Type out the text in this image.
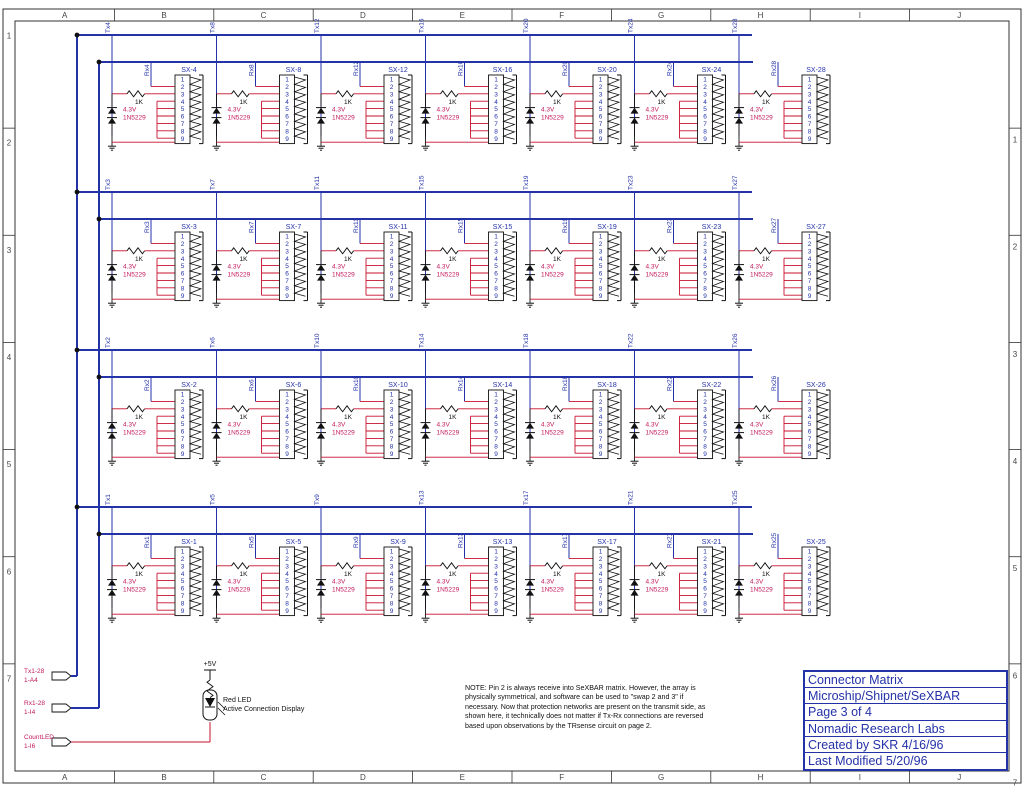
A
A
B
B
C
C
D
D
E
E
F
F
G
G
H
H
I
I
J
J
1
1
2
2
3
3
4
4
5
5
6
6
7
7
Tx4
Rx4
1K
4.3V
1N5229
1
2
3
4
5
6
7
8
9
SX-4
Tx8
Rx8
1K
4.3V
1N5229
1
2
3
4
5
6
7
8
9
SX-8
Tx12
Rx12
1K
4.3V
1N5229
1
2
3
4
5
6
7
8
9
SX-12
Tx16
Rx16
1K
4.3V
1N5229
1
2
3
4
5
6
7
8
9
SX-16
Tx20
Rx20
1K
4.3V
1N5229
1
2
3
4
5
6
7
8
9
SX-20
Tx24
Rx24
1K
4.3V
1N5229
1
2
3
4
5
6
7
8
9
SX-24
Tx28
Rx28
1K
4.3V
1N5229
1
2
3
4
5
6
7
8
9
SX-28
Tx3
Rx3
1K
4.3V
1N5229
1
2
3
4
5
6
7
8
9
SX-3
Tx7
Rx7
1K
4.3V
1N5229
1
2
3
4
5
6
7
8
9
SX-7
Tx11
Rx11
1K
4.3V
1N5229
1
2
3
4
5
6
7
8
9
SX-11
Tx15
Rx15
1K
4.3V
1N5229
1
2
3
4
5
6
7
8
9
SX-15
Tx19
Rx19
1K
4.3V
1N5229
1
2
3
4
5
6
7
8
9
SX-19
Tx23
Rx23
1K
4.3V
1N5229
1
2
3
4
5
6
7
8
9
SX-23
Tx27
Rx27
1K
4.3V
1N5229
1
2
3
4
5
6
7
8
9
SX-27
Tx2
Rx2
1K
4.3V
1N5229
1
2
3
4
5
6
7
8
9
SX-2
Tx6
Rx6
1K
4.3V
1N5229
1
2
3
4
5
6
7
8
9
SX-6
Tx10
Rx10
1K
4.3V
1N5229
1
2
3
4
5
6
7
8
9
SX-10
Tx14
Rx14
1K
4.3V
1N5229
1
2
3
4
5
6
7
8
9
SX-14
Tx18
Rx18
1K
4.3V
1N5229
1
2
3
4
5
6
7
8
9
SX-18
Tx22
Rx22
1K
4.3V
1N5229
1
2
3
4
5
6
7
8
9
SX-22
Tx26
Rx26
1K
4.3V
1N5229
1
2
3
4
5
6
7
8
9
SX-26
Tx1
Rx1
1K
4.3V
1N5229
1
2
3
4
5
6
7
8
9
SX-1
Tx5
Rx5
1K
4.3V
1N5229
1
2
3
4
5
6
7
8
9
SX-5
Tx9
Rx9
1K
4.3V
1N5229
1
2
3
4
5
6
7
8
9
SX-9
Tx13
Rx13
1K
4.3V
1N5229
1
2
3
4
5
6
7
8
9
SX-13
Tx17
Rx17
1K
4.3V
1N5229
1
2
3
4
5
6
7
8
9
SX-17
Tx21
Rx21
1K
4.3V
1N5229
1
2
3
4
5
6
7
8
9
SX-21
Tx25
Rx25
1K
4.3V
1N5229
1
2
3
4
5
6
7
8
9
SX-25
Tx1-28
1-A4
Rx1-28
1-I4
CountLED
1-I6
+5V
Red LED
Active Connection Display
NOTE: Pin 2 is always receive into SeXBAR matrix. However, the array is physically symmetrical, and software can be used to "swap 2 and 3" if necessary. Now that protection networks are present on the transmit side, as shown here, it technically does not matter if Tx-Rx connections are reversed based upon observations by the TRsense circuit on page 2.
Connector Matrix
Microship/Shipnet/SeXBAR
Page 3 of 4
Nomadic Research Labs
Created by SKR 4/16/96
Last Modified 5/20/96
